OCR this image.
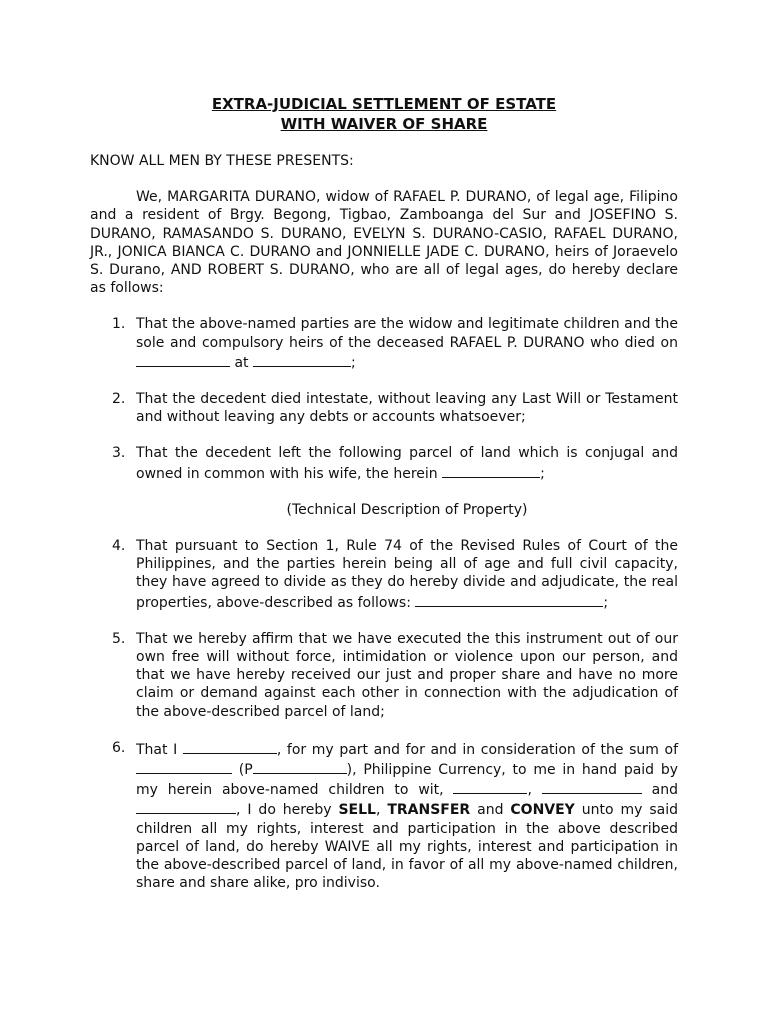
EXTRA-JUDICIAL SETTLEMENT OF ESTATE

WITH WAIVER OF SHARE

KNOW ALL MEN BY THESE PRESENTS:

We, MARGARITA DURANO, widow of RAFAEL P. DURANO, of legal age, Filipino and a resident of Brgy. Begong, Tigbao, Zamboanga del Sur and JOSEFINO S. DURANO, RAMASANDO S. DURANO, EVELYN S. DURANO-CASIO, RAFAEL DURANO, JR., JONICA BIANCA C. DURANO and JONNIELLE JADE C. DURANO, heirs of Joraevelo S. Durano, AND ROBERT S. DURANO, who are all of legal ages, do hereby declare as follows:

1. That the above-named parties are the widow and legitimate children and the sole and compulsory heirs of the deceased RAFAEL P. DURANO who died on  at	;
2. That the decedent died intestate, without leaving any Last Will or Testament and without leaving any debts or accounts whatsoever;
3. That the decedent left the following parcel of land which is conjugal and owned in common with his wife, the herein	;

(Technical Description of Property)

4. That pursuant to Section 1, Rule 74 of the Revised Rules of Court of the Philippines, and the parties herein being all of age and full civil capacity, they have agreed to divide as they do hereby divide and adjudicate, the real properties, above-described as follows:	;
5. That we hereby affirm that we have executed the this instrument out of our own free will without force, intimidation or violence upon our person, and that we have hereby received our just and proper share and have no more claim or demand against each other in connection with the adjudication of the above-described parcel of land;
6. That I	, for my part and for and in consideration of the sum of  (P	), Philippine Currency, to me in hand paid by my herein above-named children to wit,	,	and , I do hereby SELL, TRANSFER and CONVEY unto my said children all my rights, interest and participation in the above described parcel of land, do hereby WAIVE all my rights, interest and participation in the above-described parcel of land, in favor of all my above-named children, share and share alike, pro indiviso.
